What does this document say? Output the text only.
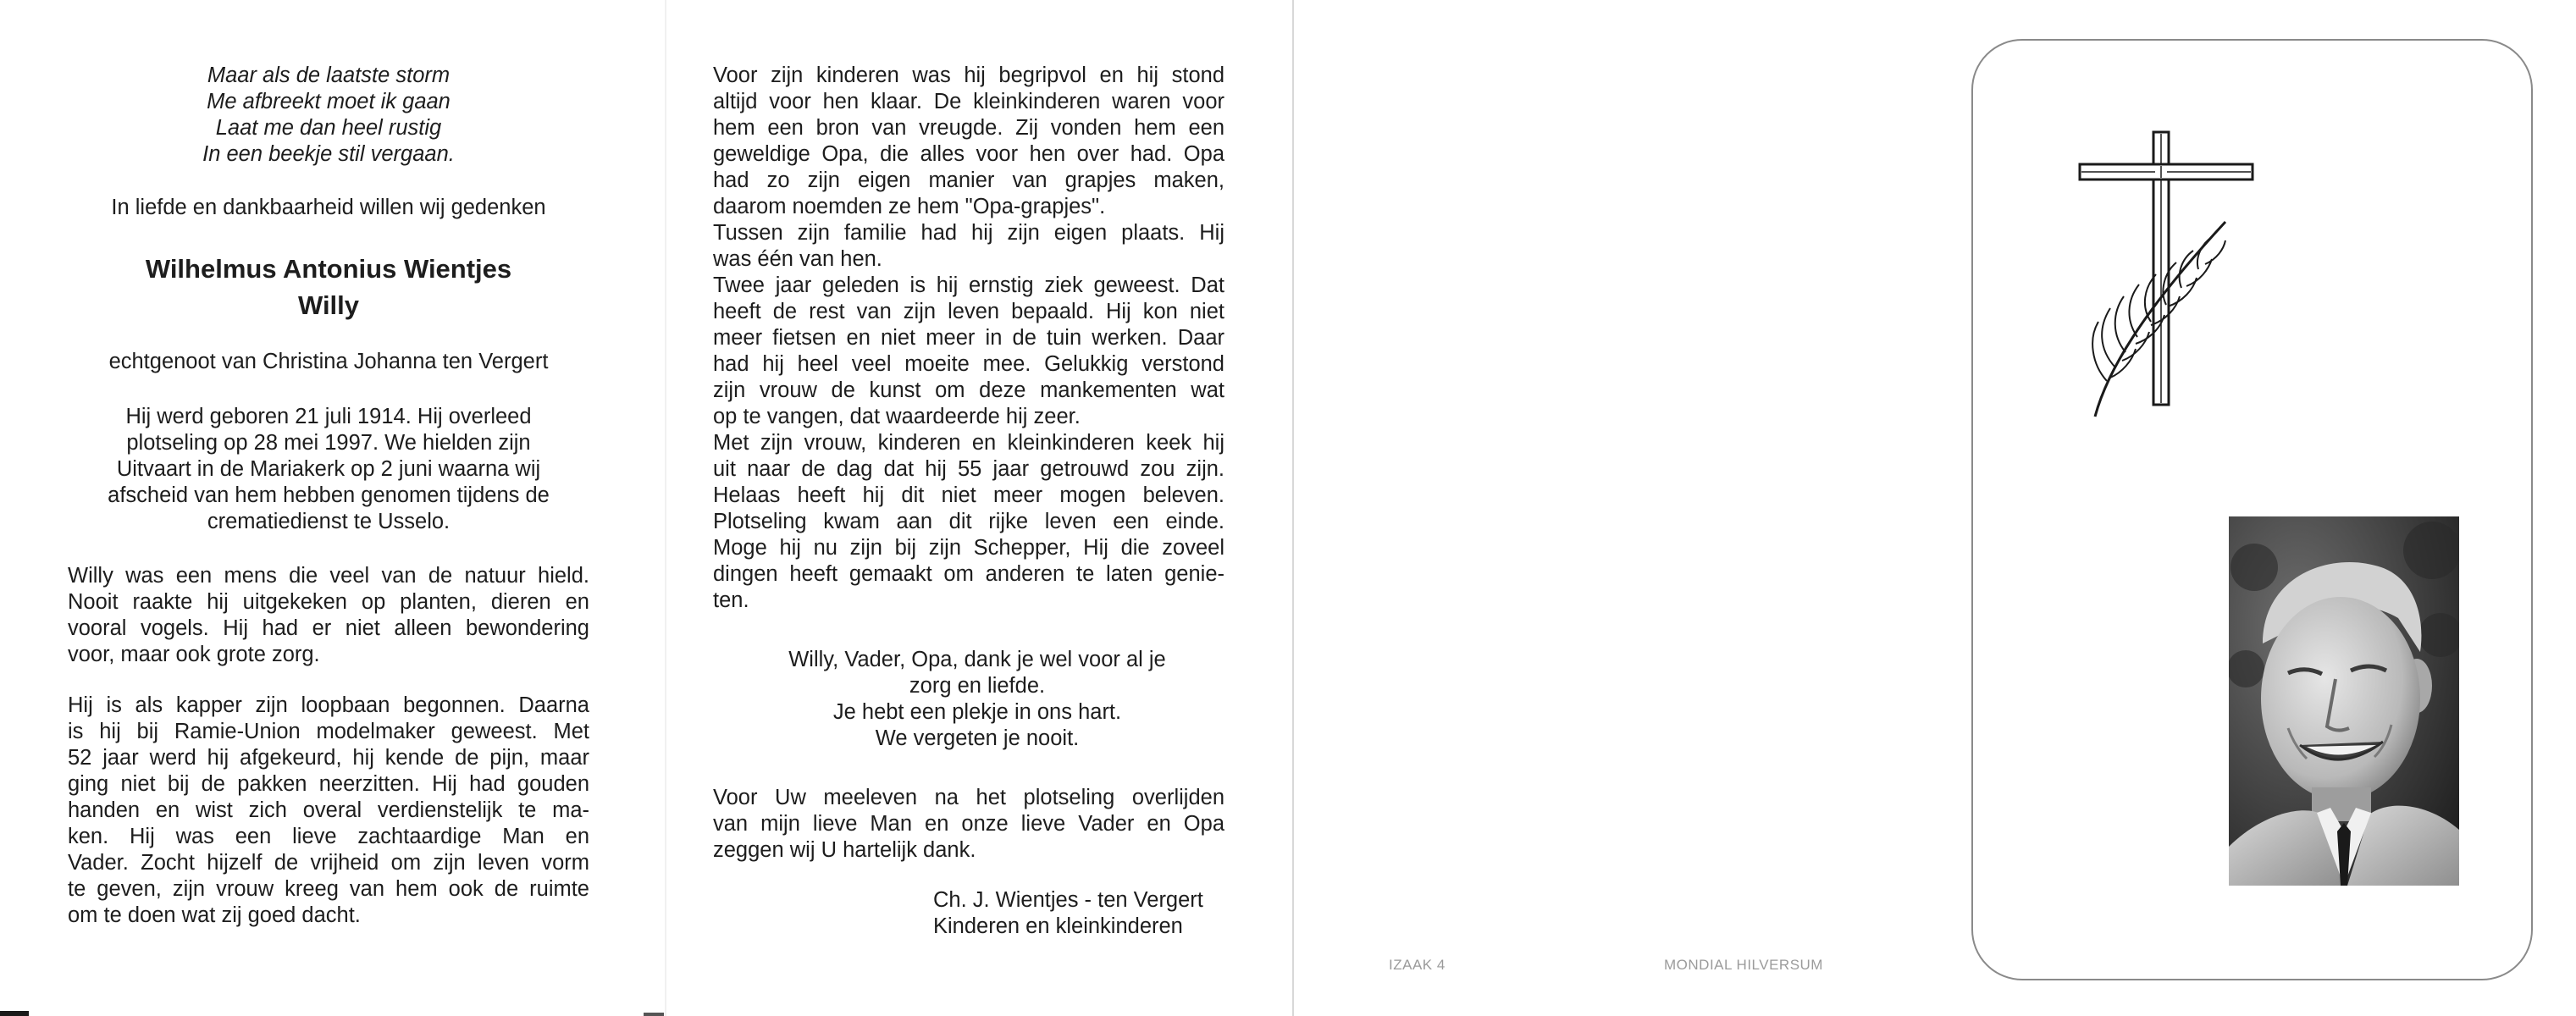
Maar als de laatste storm
Me afbreekt moet ik gaan
Laat me dan heel rustig
In een beekje stil vergaan.
In liefde en dankbaarheid willen wij gedenken
Wilhelmus Antonius Wientjes
Willy
echtgenoot van Christina Johanna ten Vergert
Hij werd geboren 21 juli 1914. Hij overleed
plotseling op 28 mei 1997. We hielden zijn
Uitvaart in de Mariakerk op 2 juni waarna wij
afscheid van hem hebben genomen tijdens de
crematiedienst te Usselo.
Willy was een mens die veel van de natuur hield.
Nooit raakte hij uitgekeken op planten, dieren en
vooral vogels. Hij had er niet alleen bewondering
voor, maar ook grote zorg.
Hij is als kapper zijn loopbaan begonnen. Daarna
is hij bij Ramie-Union modelmaker geweest. Met
52 jaar werd hij afgekeurd, hij kende de pijn, maar
ging niet bij de pakken neerzitten. Hij had gouden
handen en wist zich overal verdienstelijk te ma-
ken. Hij was een lieve zachtaardige Man en
Vader. Zocht hijzelf de vrijheid om zijn leven vorm
te geven, zijn vrouw kreeg van hem ook de ruimte
om te doen wat zij goed dacht.
Voor zijn kinderen was hij begripvol en hij stond
altijd voor hen klaar. De kleinkinderen waren voor
hem een bron van vreugde. Zij vonden hem een
geweldige Opa, die alles voor hen over had. Opa
had zo zijn eigen manier van grapjes maken,
daarom noemden ze hem "Opa-grapjes".
Tussen zijn familie had hij zijn eigen plaats. Hij
was één van hen.
Twee jaar geleden is hij ernstig ziek geweest. Dat
heeft de rest van zijn leven bepaald. Hij kon niet
meer fietsen en niet meer in de tuin werken. Daar
had hij heel veel moeite mee. Gelukkig verstond
zijn vrouw de kunst om deze mankementen wat
op te vangen, dat waardeerde hij zeer.
Met zijn vrouw, kinderen en kleinkinderen keek hij
uit naar de dag dat hij 55 jaar getrouwd zou zijn.
Helaas heeft hij dit niet meer mogen beleven.
Plotseling kwam aan dit rijke leven een einde.
Moge hij nu zijn bij zijn Schepper, Hij die zoveel
dingen heeft gemaakt om anderen te laten genie-
ten.
Willy, Vader, Opa, dank je wel voor al je
zorg en liefde.
Je hebt een plekje in ons hart.
We vergeten je nooit.
Voor Uw meeleven na het plotseling overlijden
van mijn lieve Man en onze lieve Vader en Opa
zeggen wij U hartelijk dank.
Ch. J. Wientjes - ten Vergert
Kinderen en kleinkinderen
IZAAK 4	MONDIAL HILVERSUM
